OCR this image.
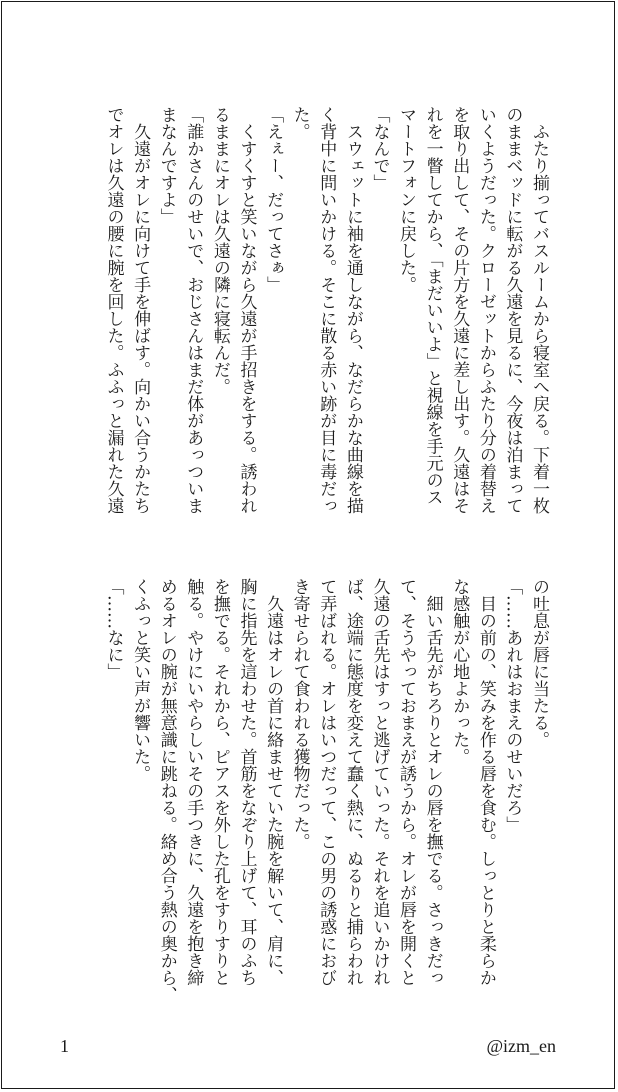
　ふたり揃ってバスルームから寝室へ戻る。下着一枚
のままベッドに転がる久遠を見るに、今夜は泊まって
いくようだった。クローゼットからふたり分の着替え
を取り出して、その片方を久遠に差し出す。久遠はそ
れを一瞥してから、「まだいいよ」と視線を手元のス
マートフォンに戻した。
「なんで」
　スウェットに袖を通しながら、なだらかな曲線を描
く背中に問いかける。そこに散る赤い跡が目に毒だっ
た。
「えぇー、だってさぁ」
　くすくすと笑いながら久遠が手招きをする。誘われ
るままにオレは久遠の隣に寝転んだ。
「誰かさんのせいで、おじさんはまだ体があっついま
まなんですよ」
　久遠がオレに向けて手を伸ばす。向かい合うかたち
でオレは久遠の腰に腕を回した。ふふっと漏れた久遠
の吐息が唇に当たる。
「……あれはおまえのせいだろ」
　目の前の、笑みを作る唇を食む。しっとりと柔らか
な感触が心地よかった。
　細い舌先がちろりとオレの唇を撫でる。さっきだっ
て、そうやっておまえが誘うから。オレが唇を開くと
久遠の舌先はすっと逃げていった。それを追いかけれ
ば、途端に態度を変えて蠢く熱に、ぬるりと捕らわれ
て弄ばれる。オレはいつだって、この男の誘惑におび
き寄せられて食われる獲物だった。
　久遠はオレの首に絡ませていた腕を解いて、肩に、
胸に指先を這わせた。首筋をなぞり上げて、耳のふち
を撫でる。それから、ピアスを外した孔をすりすりと
触る。やけにいやらしいその手つきに、久遠を抱き締
めるオレの腕が無意識に跳ねる。絡め合う熱の奥から、
くふっと笑い声が響いた。
「……なに」
1	@izm_en
